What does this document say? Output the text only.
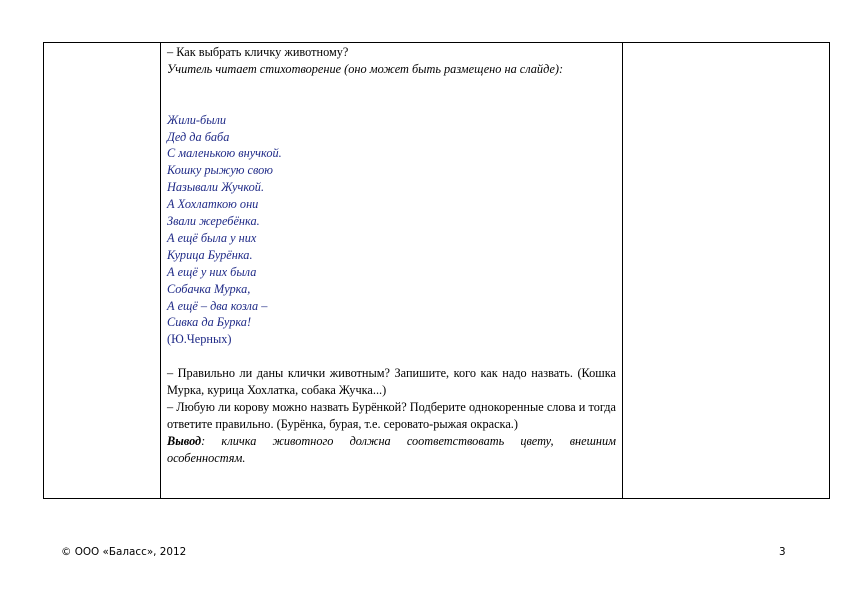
– Как выбрать кличку животному?
Учитель читает стихотворение (оно может быть размещено на слайде):
Жили-были
Дед да баба
С маленькою внучкой.
Кошку рыжую свою
Называли Жучкой.
А Хохлаткою они
Звали жеребёнка.
А ещё была у них
Курица Бурёнка.
А ещё у них была
Собачка Мурка,
А ещё – два козла –
Сивка да Бурка!
(Ю.Черных)
– Правильно ли даны клички животным? Запишите, кого как надо назвать. (Кошка Мурка, курица Хохлатка, собака Жучка...)
– Любую ли корову можно назвать Бурёнкой? Подберите однокоренные слова и тогда ответите правильно. (Бурёнка, бурая, т.е. серовато-рыжая окраска.)
Вывод: кличка животного должна соответствовать цвету, внешним особенностям.

© ООО «Баласс», 2012	3
